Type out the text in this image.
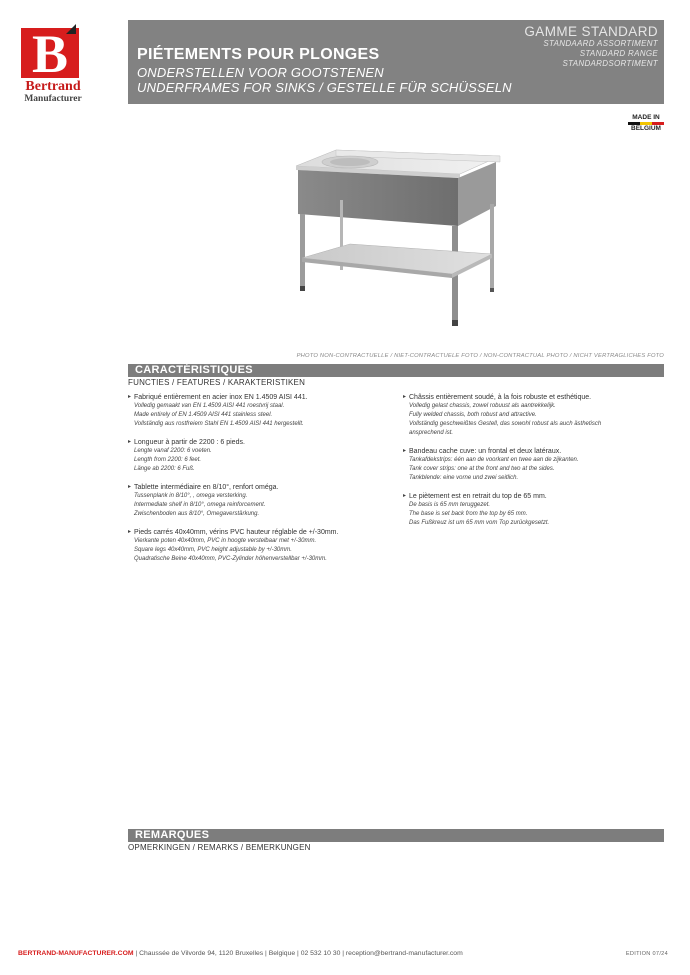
B
Bertrand
Manufacturer
PIÉTEMENTS POUR PLONGES
ONDERSTELLEN VOOR GOOTSTENEN
UNDERFRAMES FOR SINKS / GESTELLE FÜR SCHÜSSELN
GAMME STANDARD
STANDAARD ASSORTIMENT
STANDARD RANGE
STANDARDSORTIMENT
MADE IN
BELGIUM
PHOTO NON-CONTRACTUELLE / NIET-CONTRACTUELE FOTO / NON-CONTRACTUAL PHOTO / NICHT VERTRAGLICHES FOTO
CARACTÉRISTIQUES
FUNCTIES / FEATURES / KARAKTERISTIKEN
▸ Fabriqué entièrement en acier inox EN 1.4509 AISI 441.
Volledig gemaakt van EN 1.4509 AISI 441 roestvrij staal.
Made entirely of EN 1.4509 AISI 441 stainless steel.
Vollständig aus rostfreiem Stahl EN 1.4509 AISI 441 hergestellt.
▸ Longueur à partir de 2200 : 6 pieds.
Lengte vanaf 2200: 6 voeten.
Length from 2200: 6 feet.
Länge ab 2200: 6 Fuß.
▸ Tablette intermédiaire en 8/10°, renfort oméga.
Tussenplank in 8/10°, , omega versterking.
Intermediate shelf in 8/10°, omega reinforcement.
Zwischenboden aus 8/10°, Omegaverstärkung.
▸ Pieds carrés 40x40mm, vérins PVC hauteur réglable de +/-30mm.
Vierkante poten 40x40mm, PVC in hoogte verstelbaar met +/-30mm.
Square legs 40x40mm, PVC height adjustable by +/-30mm.
Quadratische Beine 40x40mm, PVC-Zylinder höhenverstellbar +/-30mm.
▸ Châssis entièrement soudé, à la fois robuste et esthétique.
Volledig gelast chassis, zowel robuust als aantrekkelijk.
Fully welded chassis, both robust and attractive.
Vollständig geschweißtes Gestell, das sowohl robust als auch ästhetisch
ansprechend ist.
▸ Bandeau cache cuve: un frontal et deux latéraux.
Tankafdekstrips: één aan de voorkant en twee aan de zijkanten.
Tank cover strips: one at the front and two at the sides.
Tankblende: eine vorne und zwei seitlich.
▸ Le piètement est en retrait du top de 65 mm.
De basis is 65 mm teruggezet.
The base is set back from the top by 65 mm.
Das Fußkreuz ist um 65 mm vom Top zurückgesetzt.
REMARQUES
OPMERKINGEN / REMARKS / BEMERKUNGEN
BERTRAND-MANUFACTURER.COM | Chaussée de Vilvorde 94, 1120 Bruxelles | Belgique | 02 532 10 30 | reception@bertrand-manufacturer.com	EDITION 07/24
